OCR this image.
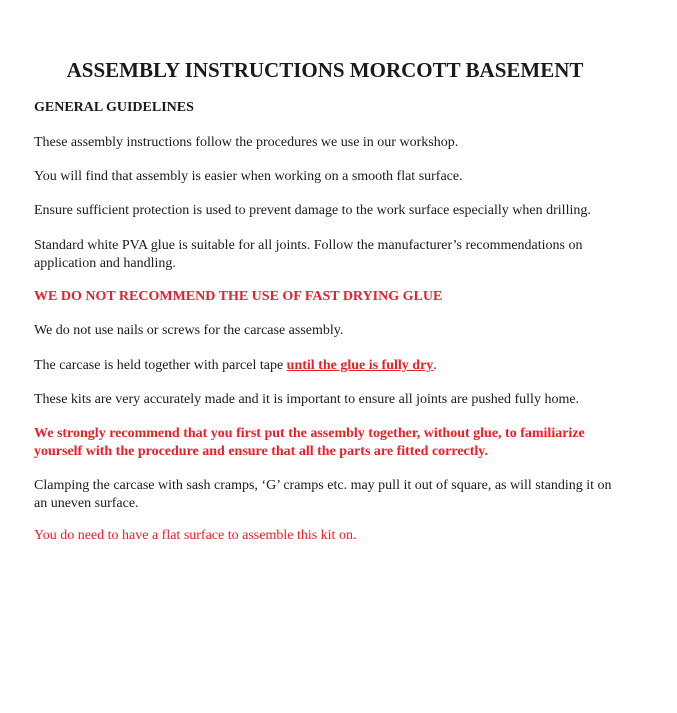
ASSEMBLY INSTRUCTIONS MORCOTT BASEMENT

GENERAL GUIDELINES

These assembly instructions follow the procedures we use in our workshop.

You will find that assembly is easier when working on a smooth flat surface.

Ensure sufficient protection is used to prevent damage to the work surface especially when drilling.

Standard white PVA glue is suitable for all joints. Follow the manufacturer’s recommendations on application and handling.

WE DO NOT RECOMMEND THE USE OF FAST DRYING GLUE

We do not use nails or screws for the carcase assembly.

The carcase is held together with parcel tape until the glue is fully dry.

These kits are very accurately made and it is important to ensure all joints are pushed fully home.

We strongly recommend that you first put the assembly together, without glue, to familiarize yourself with the procedure and ensure that all the parts are fitted correctly.

Clamping the carcase with sash cramps, ‘G’ cramps etc. may pull it out of square, as will standing it on an uneven surface.

You do need to have a flat surface to assemble this kit on.
